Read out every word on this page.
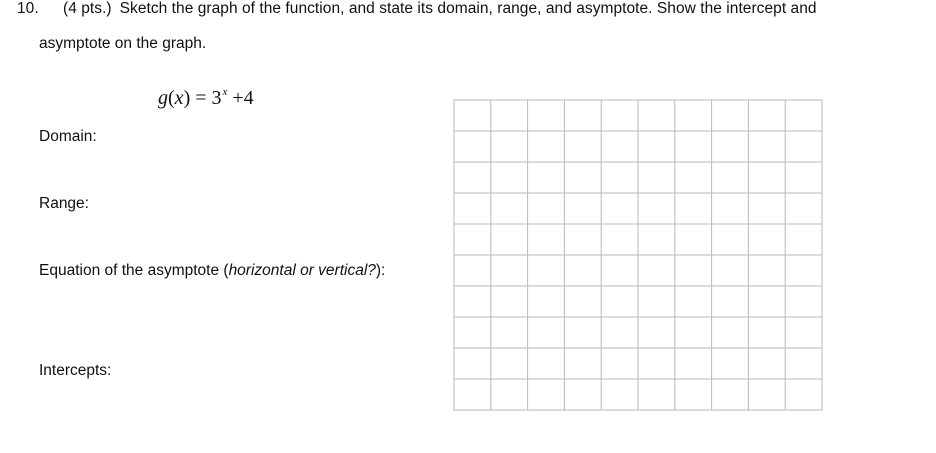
10. (4 pts.) Sketch the graph of the function, and state its domain, range, and asymptote. Show the intercept and
asymptote on the graph.
$g(x) = 3^x +4$
Domain:
Range:
Equation of the asymptote (horizontal or vertical?):
Intercepts:
